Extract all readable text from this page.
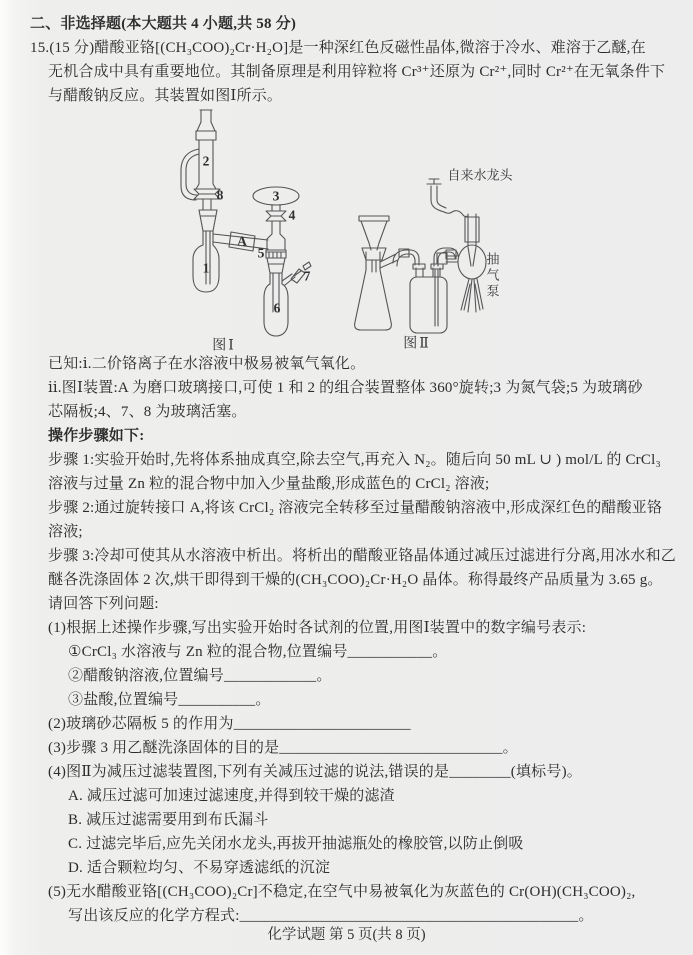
二、非选择题(本大题共 4 小题,共 58 分)
15.(15 分)醋酸亚铬[(CH₃COO)₂Cr·H₂O]是一种深红色反磁性晶体,微溶于冷水、难溶于乙醚,在
无机合成中具有重要地位。其制备原理是利用锌粒将 Cr³⁺还原为 Cr²⁺,同时 Cr²⁺在无氧条件下
与醋酸钠反应。其装置如图Ⅰ所示。
2
8
1
A
3
4
5
7
6
图Ⅰ
自来水龙头
抽气泵
图Ⅱ
已知:ⅰ.二价铬离子在水溶液中极易被氧气氧化。
ⅱ.图Ⅰ装置:A 为磨口玻璃接口,可使 1 和 2 的组合装置整体 360°旋转;3 为氮气袋;5 为玻璃砂
芯隔板;4、7、8 为玻璃活塞。
操作步骤如下:
步骤 1:实验开始时,先将体系抽成真空,除去空气,再充入 N₂。随后向 50 mL ∪ ) mol/L 的 CrCl₃
溶液与过量 Zn 粒的混合物中加入少量盐酸,形成蓝色的 CrCl₂ 溶液;
步骤 2:通过旋转接口 A,将该 CrCl₂ 溶液完全转移至过量醋酸钠溶液中,形成深红色的醋酸亚铬
溶液;
步骤 3:冷却可使其从水溶液中析出。将析出的醋酸亚铬晶体通过减压过滤进行分离,用冰水和乙
醚各洗涤固体 2 次,烘干即得到干燥的(CH₃COO)₂Cr·H₂O 晶体。称得最终产品质量为 3.65 g。
请回答下列问题:
(1)根据上述操作步骤,写出实验开始时各试剂的位置,用图Ⅰ装置中的数字编号表示:
①CrCl₃ 水溶液与 Zn 粒的混合物,位置编号___________。
②醋酸钠溶液,位置编号____________。
③盐酸,位置编号__________。
(2)玻璃砂芯隔板 5 的作用为_______________________
(3)步骤 3 用乙醚洗涤固体的目的是_____________________________。
(4)图Ⅱ为减压过滤装置图,下列有关减压过滤的说法,错误的是________(填标号)。
A. 减压过滤可加速过滤速度,并得到较干燥的滤渣
B. 减压过滤需要用到布氏漏斗
C. 过滤完毕后,应先关闭水龙头,再拔开抽滤瓶处的橡胶管,以防止倒吸
D. 适合颗粒均匀、不易穿透滤纸的沉淀
(5)无水醋酸亚铬[(CH₃COO)₂Cr]不稳定,在空气中易被氧化为灰蓝色的 Cr(OH)(CH₃COO)₂,
写出该反应的化学方程式:____________________________________________。
化学试题 第 5 页(共 8 页)
